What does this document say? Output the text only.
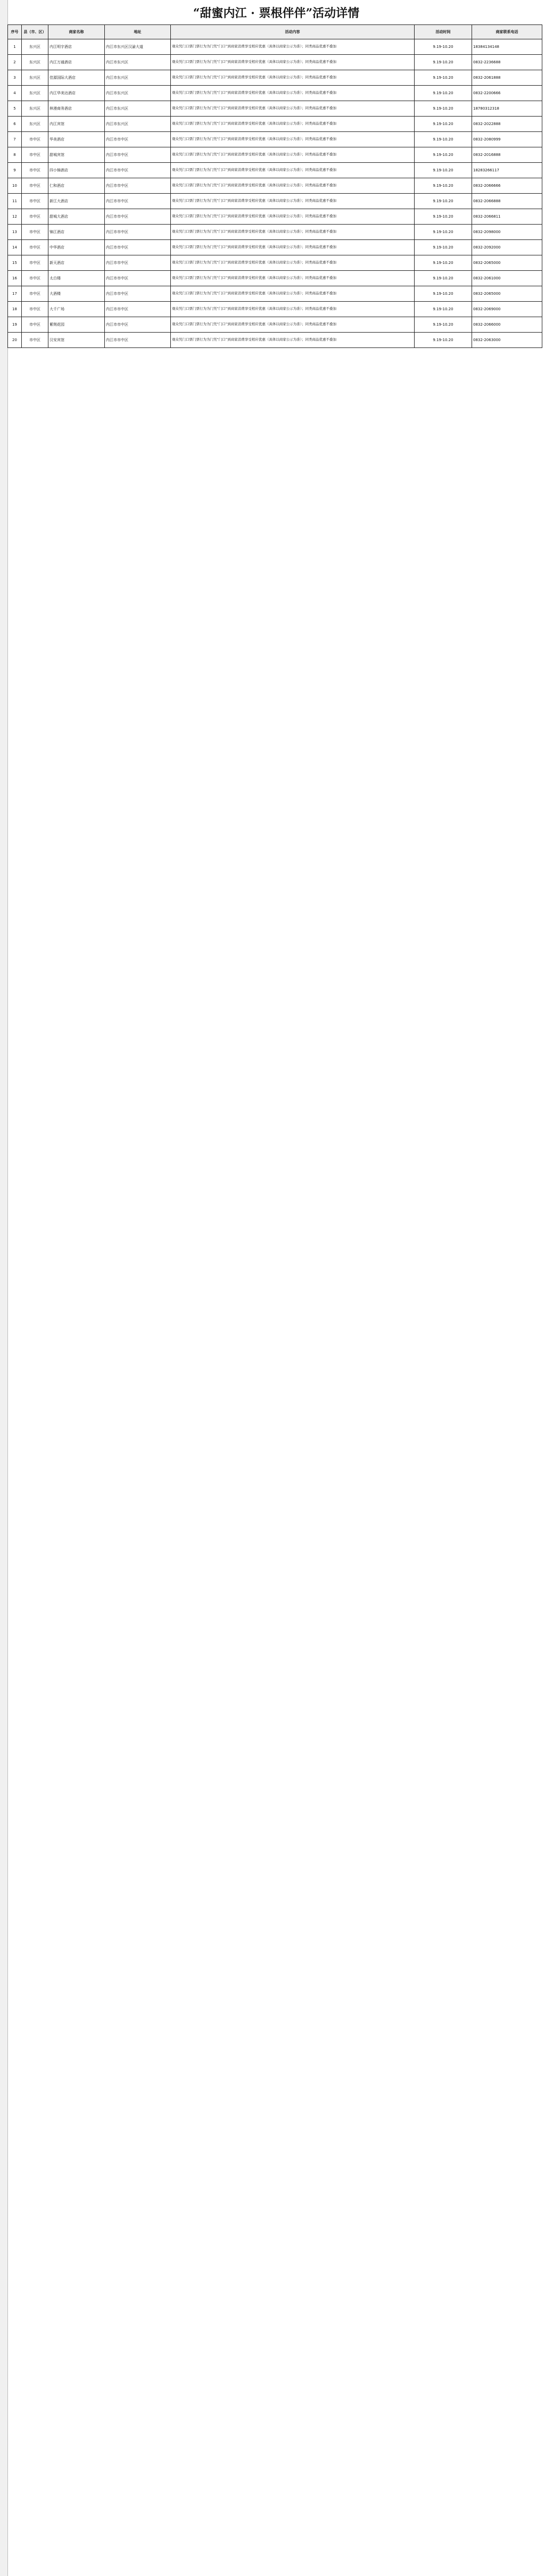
“甜蜜内江 · 票根伴伴”活动详情
序号	县（市、区）	商家名称	地址	活动内容	活动时间	商家联系电话
1	东兴区	内江明宇酒店	内江市东兴区汉渝大道	观众凭门口票门票行为为门凭“门口”到商家消费享受相应优惠（具体以商家公示为准）；同类商品优惠不叠加	9.19-10.20	18384134148
2	东兴区	内江万通酒店	内江市东兴区	观众凭门口票门票行为为门凭“门口”到商家消费享受相应优惠（具体以商家公示为准）；同类商品优惠不叠加	9.19-10.20	0832-2236688
3	东兴区	佳源国际大酒店	内江市东兴区	观众凭门口票门票行为为门凭“门口”到商家消费享受相应优惠（具体以商家公示为准）；同类商品优惠不叠加	9.19-10.20	0832-2061888
4	东兴区	内江华美达酒店	内江市东兴区	观众凭门口票门票行为为门凭“门口”到商家消费享受相应优惠（具体以商家公示为准）；同类商品优惠不叠加	9.19-10.20	0832-2200666
5	东兴区	林漫商务酒店	内江市东兴区	观众凭门口票门票行为为门凭“门口”到商家消费享受相应优惠（具体以商家公示为准）；同类商品优惠不叠加	9.19-10.20	18780312318
6	东兴区	内江宾馆	内江市东兴区	观众凭门口票门票行为为门凭“门口”到商家消费享受相应优惠（具体以商家公示为准）；同类商品优惠不叠加	9.19-10.20	0832-2022888
7	市中区	华美酒店	内江市市中区	观众凭门口票门票行为为门凭“门口”到商家消费享受相应优惠（具体以商家公示为准）；同类商品优惠不叠加	9.19-10.20	0832-2080999
8	市中区	甜城宾馆	内江市市中区	观众凭门口票门票行为为门凭“门口”到商家消费享受相应优惠（具体以商家公示为准）；同类商品优惠不叠加	9.19-10.20	0832-2016888
9	市中区	四小锦酒店	内江市市中区	观众凭门口票门票行为为门凭“门口”到商家消费享受相应优惠（具体以商家公示为准）；同类商品优惠不叠加	9.19-10.20	18283266117
10	市中区	仁和酒店	内江市市中区	观众凭门口票门票行为为门凭“门口”到商家消费享受相应优惠（具体以商家公示为准）；同类商品优惠不叠加	9.19-10.20	0832-2066666
11	市中区	新江大酒店	内江市市中区	观众凭门口票门票行为为门凭“门口”到商家消费享受相应优惠（具体以商家公示为准）；同类商品优惠不叠加	9.19-10.20	0832-2066888
12	市中区	甜城大酒店	内江市市中区	观众凭门口票门票行为为门凭“门口”到商家消费享受相应优惠（具体以商家公示为准）；同类商品优惠不叠加	9.19-10.20	0832-2066811
13	市中区	锦江酒店	内江市市中区	观众凭门口票门票行为为门凭“门口”到商家消费享受相应优惠（具体以商家公示为准）；同类商品优惠不叠加	9.19-10.20	0832-2098000
14	市中区	中华酒店	内江市市中区	观众凭门口票门票行为为门凭“门口”到商家消费享受相应优惠（具体以商家公示为准）；同类商品优惠不叠加	9.19-10.20	0832-2092000
15	市中区	新天酒店	内江市市中区	观众凭门口票门票行为为门凭“门口”到商家消费享受相应优惠（具体以商家公示为准）；同类商品优惠不叠加	9.19-10.20	0832-2065000
16	市中区	太白楼	内江市市中区	观众凭门口票门票行为为门凭“门口”到商家消费享受相应优惠（具体以商家公示为准）；同类商品优惠不叠加	9.19-10.20	0832-2061000
17	市中区	大酒楼	内江市市中区	观众凭门口票门票行为为门凭“门口”到商家消费享受相应优惠（具体以商家公示为准）；同类商品优惠不叠加	9.19-10.20	0832-2065000
18	市中区	大千广场	内江市市中区	观众凭门口票门票行为为门凭“门口”到商家消费享受相应优惠（具体以商家公示为准）；同类商品优惠不叠加	9.19-10.20	0832-2069000
19	市中区	紫荆花园	内江市市中区	观众凭门口票门票行为为门凭“门口”到商家消费享受相应优惠（具体以商家公示为准）；同类商品优惠不叠加	9.19-10.20	0832-2066000
20	市中区	汉安宾馆	内江市市中区	观众凭门口票门票行为为门凭“门口”到商家消费享受相应优惠（具体以商家公示为准）；同类商品优惠不叠加	9.19-10.20	0832-2063000
